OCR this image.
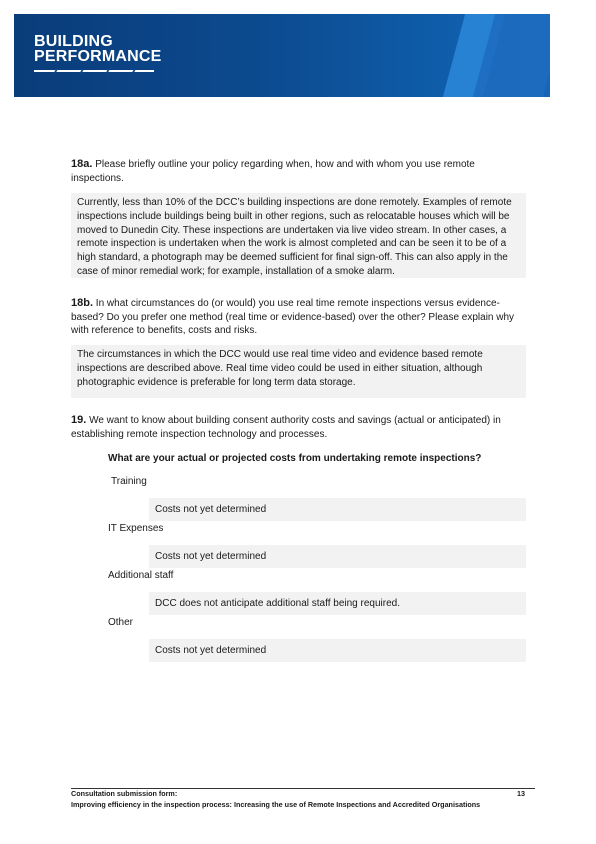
BUILDING
PERFORMANCE
18a. Please briefly outline your policy regarding when, how and with whom you use remote inspections.
Currently, less than 10% of the DCC’s building inspections are done remotely. Examples of remote inspections include buildings being built in other regions, such as relocatable houses which will be moved to Dunedin City. These inspections are undertaken via live video stream. In other cases, a remote inspection is undertaken when the work is almost completed and can be seen it to be of a high standard, a photograph may be deemed sufficient for final sign-off. This can also apply in the case of minor remedial work; for example, installation of a smoke alarm.
18b. In what circumstances do (or would) you use real time remote inspections versus evidence-based? Do you prefer one method (real time or evidence-based) over the other? Please explain why with reference to benefits, costs and risks.
The circumstances in which the DCC would use real time video and evidence based remote inspections are described above. Real time video could be used in either situation, although photographic evidence is preferable for long term data storage.
19. We want to know about building consent authority costs and savings (actual or anticipated) in establishing remote inspection technology and processes.
What are your actual or projected costs from undertaking remote inspections?
Training
Costs not yet determined
IT Expenses
Costs not yet determined
Additional staff
DCC does not anticipate additional staff being required.
Other
Costs not yet determined
Consultation submission form:	13
Improving efficiency in the inspection process: Increasing the use of Remote Inspections and Accredited Organisations
